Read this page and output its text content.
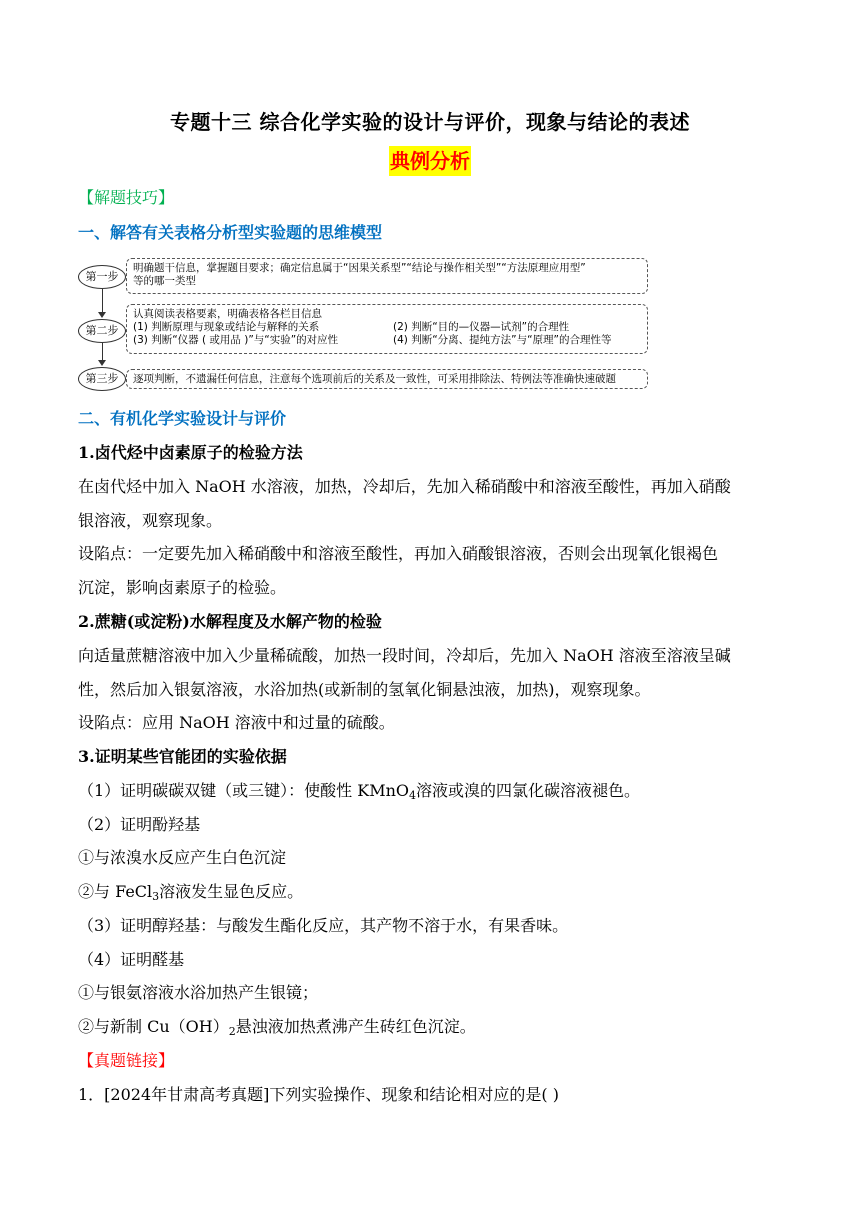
专题十三 综合化学实验的设计与评价，现象与结论的表述
典例分析
【解题技巧】
一、解答有关表格分析型实验题的思维模型
第一步
第二步
第三步
明确题干信息，掌握题目要求；确定信息属于“因果关系型”“结论与操作相关型”“方法原理应用型”
等的哪一类型
认真阅读表格要素，明确表格各栏目信息
(1) 判断原理与现象或结论与解释的关系	(2) 判断“目的—仪器—试剂”的合理性
(3) 判断“仪器 ( 或用品 )”与“实验”的对应性	(4) 判断“分离、提纯方法”与“原理”的合理性等
逐项判断，不遗漏任何信息，注意每个选项前后的关系及一致性，可采用排除法、特例法等准确快速破题
二、有机化学实验设计与评价
1.卤代烃中卤素原子的检验方法
在卤代烃中加入 NaOH 水溶液，加热，冷却后，先加入稀硝酸中和溶液至酸性，再加入硝酸
银溶液，观察现象。
设陷点：一定要先加入稀硝酸中和溶液至酸性，再加入硝酸银溶液，否则会出现氧化银褐色
沉淀，影响卤素原子的检验。
2.蔗糖(或淀粉)水解程度及水解产物的检验
向适量蔗糖溶液中加入少量稀硫酸，加热一段时间，冷却后，先加入 NaOH 溶液至溶液呈碱
性，然后加入银氨溶液，水浴加热(或新制的氢氧化铜悬浊液，加热)，观察现象。
设陷点：应用 NaOH 溶液中和过量的硫酸。
3.证明某些官能团的实验依据
（1）证明碳碳双键（或三键）：使酸性 KMnO$_4$溶液或溴的四氯化碳溶液褪色。
（2）证明酚羟基
①与浓溴水反应产生白色沉淀
②与 FeCl$_3$溶液发生显色反应。
（3）证明醇羟基：与酸发生酯化反应，其产物不溶于水，有果香味。
（4）证明醛基
①与银氨溶液水浴加热产生银镜；
②与新制 $Cu(OH)_2$悬浊液加热煮沸产生砖红色沉淀。
【真题链接】
1．[2024年甘肃高考真题]下列实验操作、现象和结论相对应的是( )
